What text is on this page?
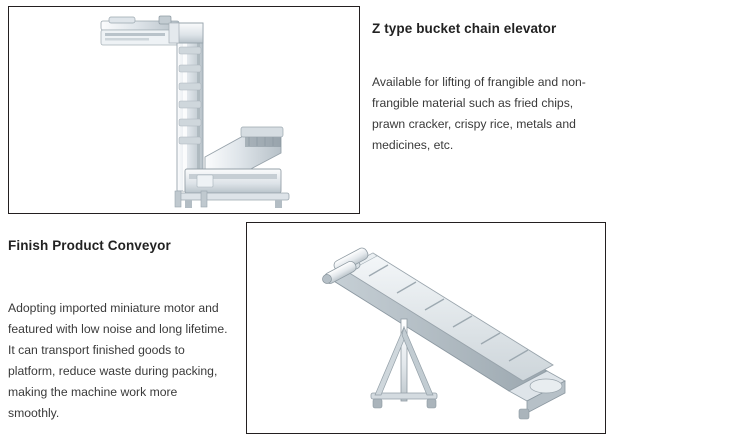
Z type bucket chain elevator

Available for lifting of frangible and non-frangible material such as fried chips, prawn cracker, crispy rice, metals and medicines, etc.

Finish Product Conveyor

Adopting imported miniature motor and featured with low noise and long lifetime. It can transport finished goods to platform, reduce waste during packing, making the machine work more smoothly.
